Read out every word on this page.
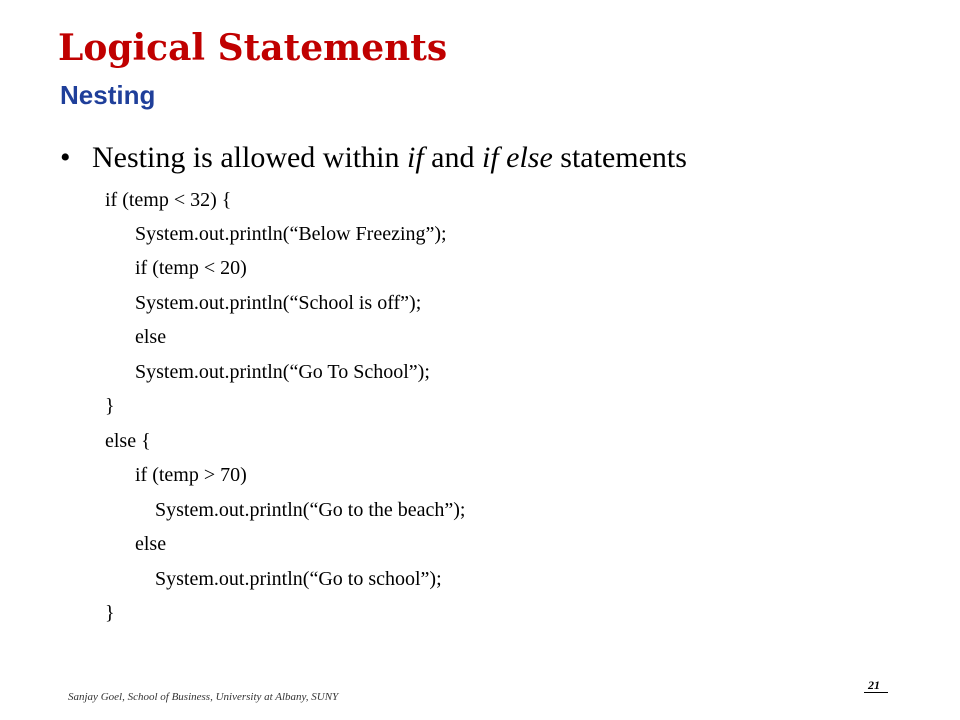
Logical Statements
Nesting
• Nesting is allowed within if and if else statements

if (temp < 32) {

System.out.println(“Below Freezing”);

if (temp < 20)

System.out.println(“School is off”);

else

System.out.println(“Go To School”);

}

else {

if (temp > 70)

System.out.println(“Go to the beach”);

else

System.out.println(“Go to school”);

}

Sanjay Goel, School of Business, University at Albany, SUNY
21
